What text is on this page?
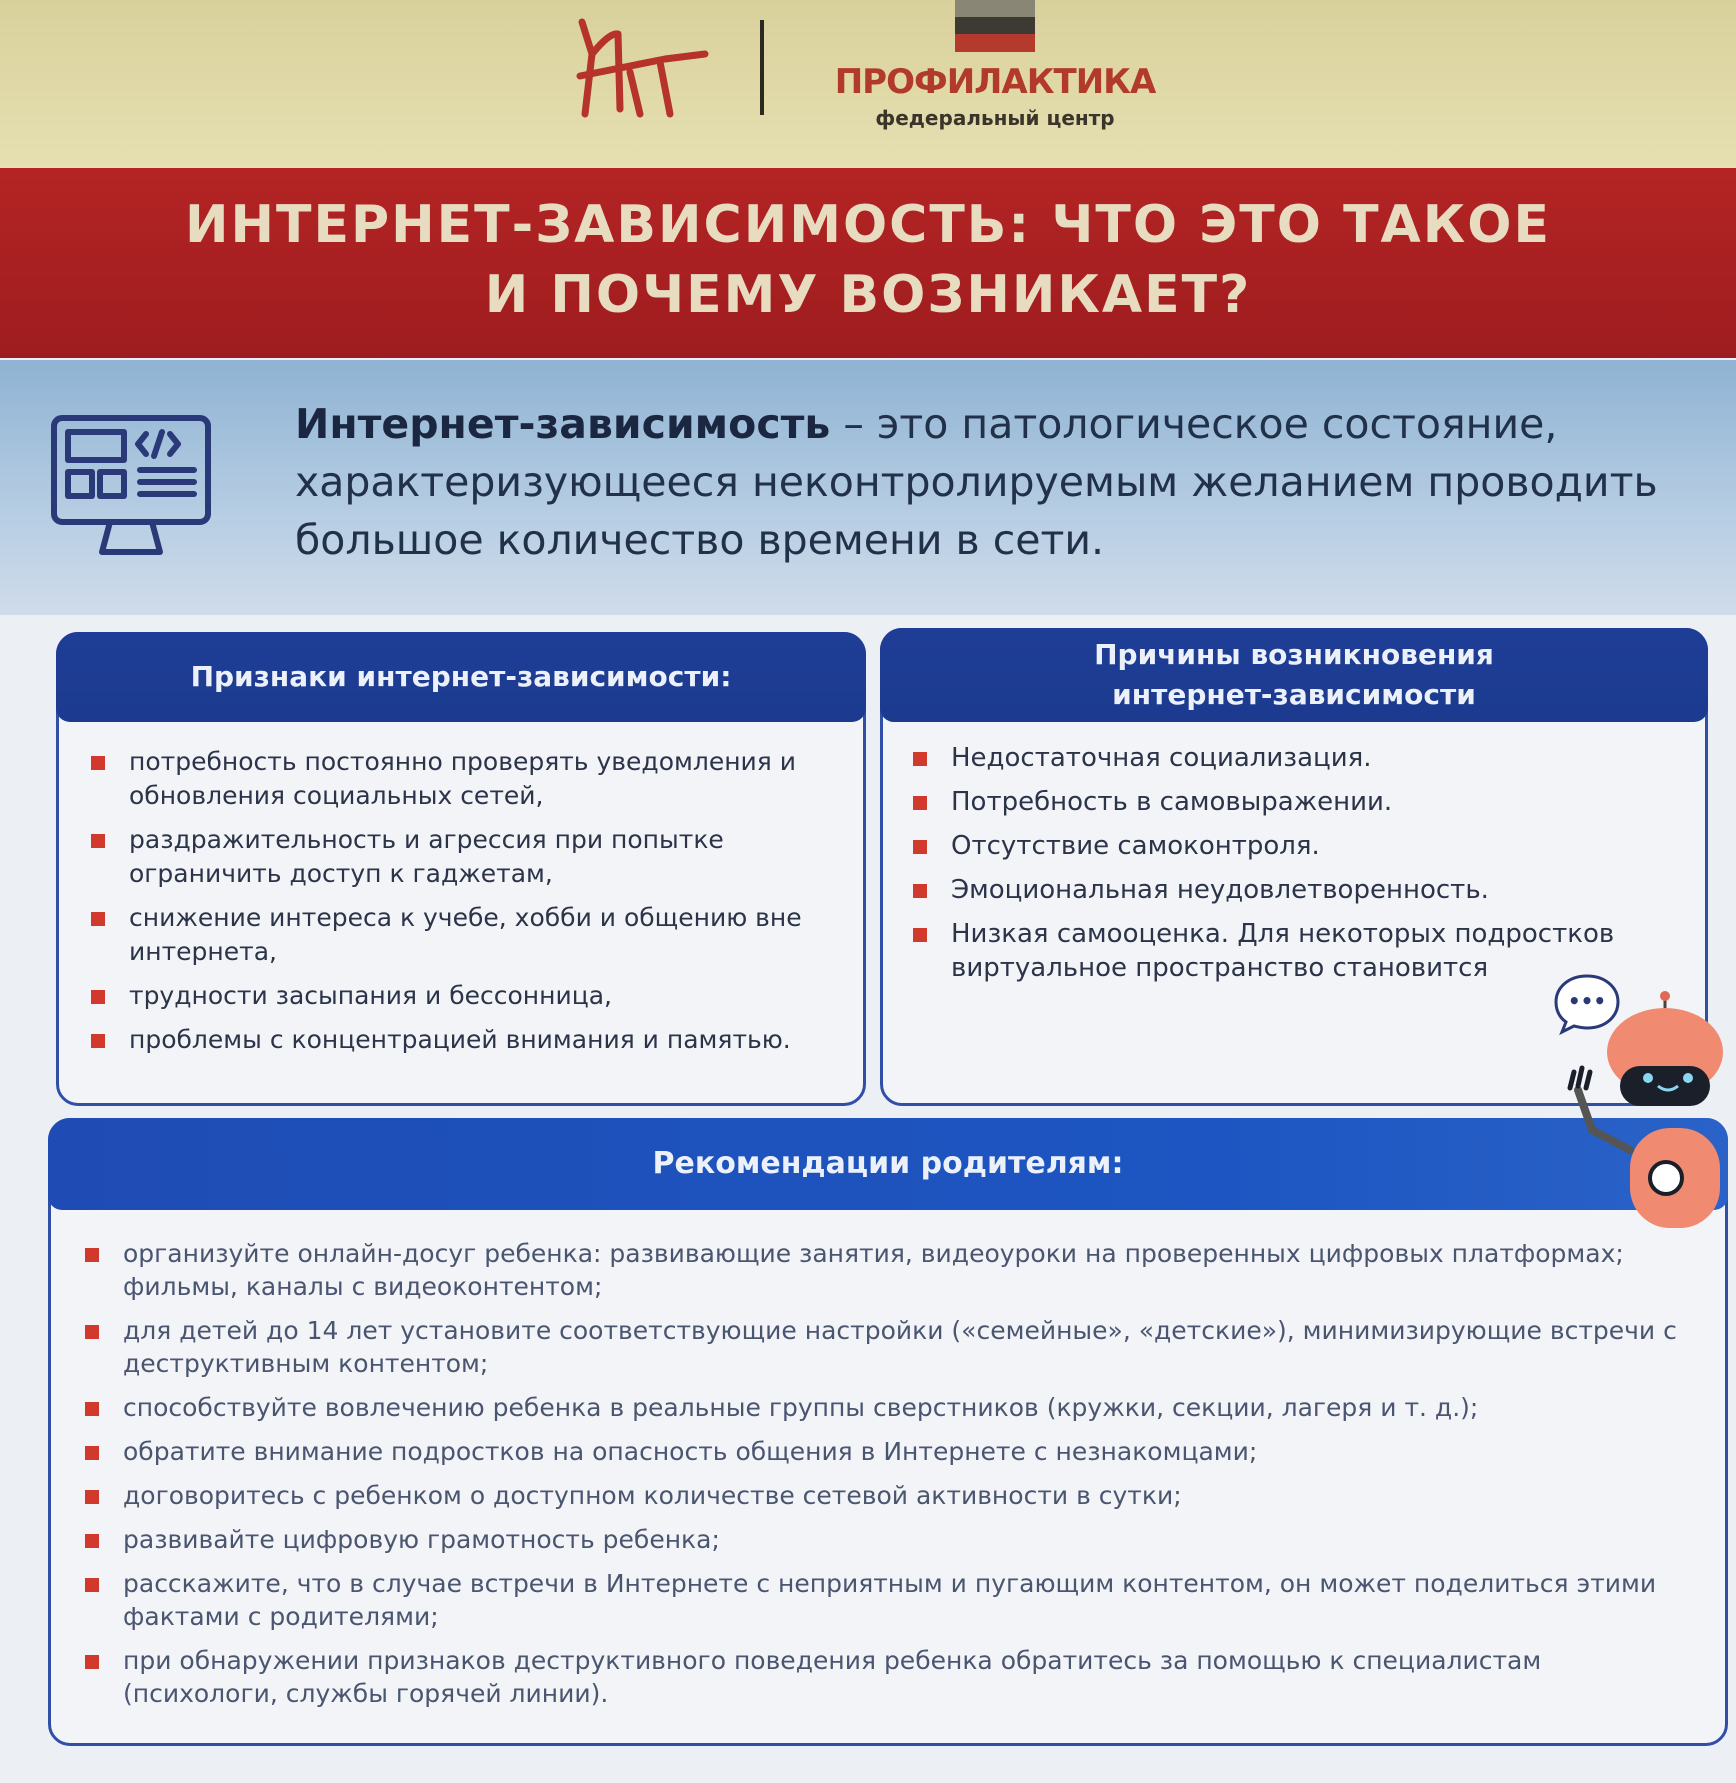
ПРОФИЛАКТИКА
федеральный центр
ИНТЕРНЕТ-ЗАВИСИМОСТЬ: ЧТО ЭТО ТАКОЕ
И ПОЧЕМУ ВОЗНИКАЕТ?
Интернет-зависимость – это патологическое состояние, характеризующееся неконтролируемым желанием проводить большое количество времени в сети.
Признаки интернет-зависимости:
потребность постоянно проверять уведомления и обновления социальных сетей,
раздражительность и агрессия при попытке ограничить доступ к гаджетам,
снижение интереса к учебе, хобби и общению вне интернета,
трудности засыпания и бессонница,
проблемы с концентрацией внимания и памятью.
Причины возникновения
интернет-зависимости
Недостаточная социализация.
Потребность в самовыражении.
Отсутствие самоконтроля.
Эмоциональная неудовлетворенность.
Низкая самооценка. Для некоторых подростков виртуальное пространство становится
Рекомендации родителям:
организуйте онлайн-досуг ребенка: развивающие занятия, видеоуроки на проверенных цифровых платформах; фильмы, каналы с видеоконтентом;
для детей до 14 лет установите соответствующие настройки («семейные», «детские»), минимизирующие встречи с деструктивным контентом;
способствуйте вовлечению ребенка в реальные группы сверстников (кружки, секции, лагеря и т. д.);
обратите внимание подростков на опасность общения в Интернете с незнакомцами;
договоритесь с ребенком о доступном количестве сетевой активности в сутки;
развивайте цифровую грамотность ребенка;
расскажите, что в случае встречи в Интернете с неприятным и пугающим контентом, он может поделиться этими фактами с родителями;
при обнаружении признаков деструктивного поведения ребенка обратитесь за помощью к специалистам (психологи, службы горячей линии).
•••
